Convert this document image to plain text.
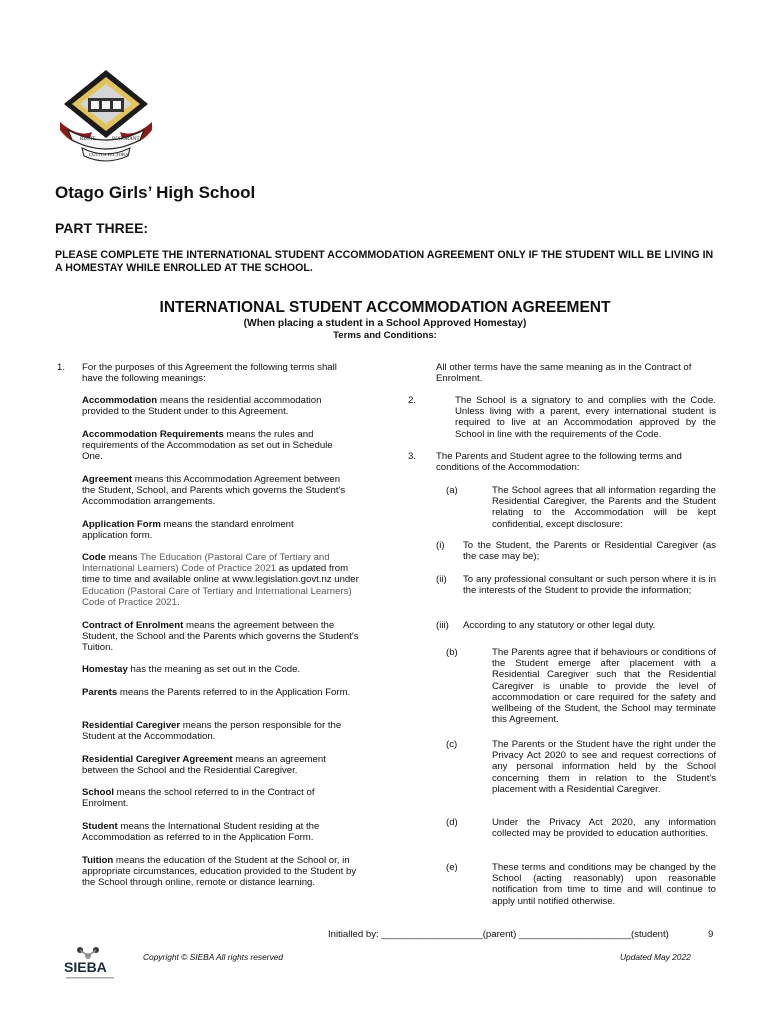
RECTE	ROBORANT
CULTUS PECTORA
Otago Girls’ High School
PART THREE:

PLEASE COMPLETE THE INTERNATIONAL STUDENT ACCOMMODATION AGREEMENT ONLY IF THE STUDENT WILL BE LIVING IN A HOMESTAY WHILE ENROLLED AT THE SCHOOL.

INTERNATIONAL STUDENT ACCOMMODATION AGREEMENT

(When placing a student in a School Approved Homestay)

Terms and Conditions:

1. For the purposes of this Agreement the following terms shall have the following meanings:

Accommodation means the residential accommodation provided to the Student under to this Agreement.

Accommodation Requirements means the rules and requirements of the Accommodation as set out in Schedule One.

Agreement means this Accommodation Agreement between the Student, School, and Parents which governs the Student's Accommodation arrangements.

Application Form means the standard enrolment application form.

Code means The Education (Pastoral Care of Tertiary and International Learners) Code of Practice 2021 as updated from time to time and available online at www.legislation.govt.nz under Education (Pastoral Care of Tertiary and International Learners) Code of Practice 2021.

Contract of Enrolment means the agreement between the Student, the School and the Parents which governs the Student's Tuition.

Homestay has the meaning as set out in the Code.

Parents means the Parents referred to in the Application Form.

Residential Caregiver means the person responsible for the Student at the Accommodation.

Residential Caregiver Agreement means an agreement between the School and the Residential Caregiver.

School means the school referred to in the Contract of Enrolment.

Student means the International Student residing at the Accommodation as referred to in the Application Form.

Tuition means the education of the Student at the School or, in appropriate circumstances, education provided to the Student by the School through online, remote or distance learning.

All other terms have the same meaning as in the Contract of Enrolment.

2.	The School is a signatory to and complies with the Code. Unless living with a parent, every international student is required to live at an Accommodation approved by the School in line with the requirements of the Code.

3. The Parents and Student agree to the following terms and conditions of the Accommodation:

(a)	The School agrees that all information regarding the Residential Caregiver, the Parents and the Student relating to the Accommodation will be kept confidential, except disclosure:

(i) To the Student, the Parents or Residential Caregiver (as the case may be);

(ii) To any professional consultant or such person where it is in the interests of the Student to provide the information;

(iii) According to any statutory or other legal duty.

(b)	The Parents agree that if behaviours or conditions of the Student emerge after placement with a Residential Caregiver such that the Residential Caregiver is unable to provide the level of accommodation or care required for the safety and wellbeing of the Student, the School may terminate this Agreement.

(c)	The Parents or the Student have the right under the Privacy Act 2020 to see and request corrections of any personal information held by the School concerning them in relation to the Student's placement with a Residential Caregiver.

(d)	Under the Privacy Act 2020, any information collected may be provided to education authorities.

(e)	These terms and conditions may be changed by the School (acting reasonably) upon reasonable notification from time to time and will continue to apply until notified otherwise.

Initialled by: ___________________(parent) _____________________(student)	9
SIEBA
Copyright © SIEBA All rights reserved	Updated May 2022
